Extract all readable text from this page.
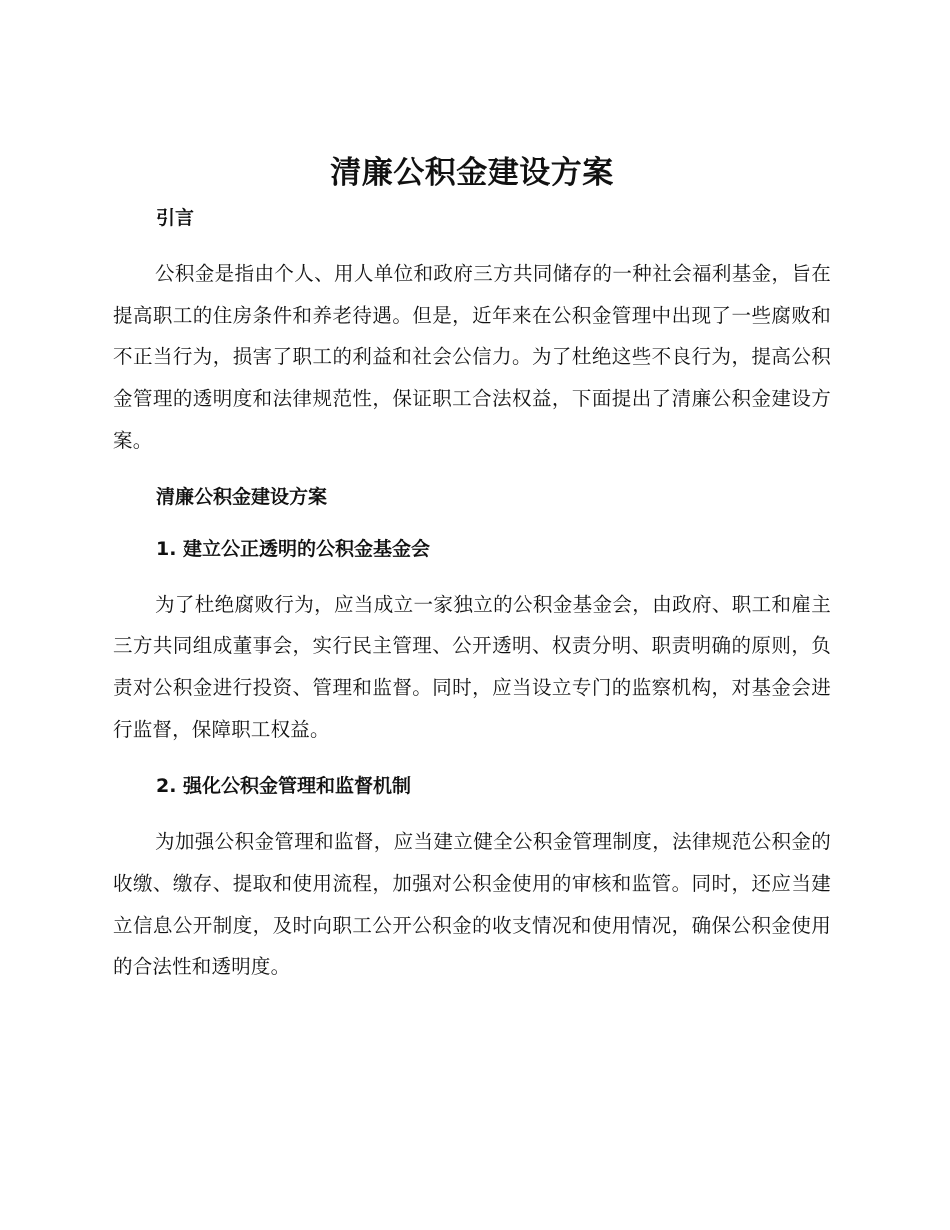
清廉公积金建设方案
引言

公积金是指由个人、用人单位和政府三方共同储存的一种社会福利基金，旨在提高职工的住房条件和养老待遇。但是，近年来在公积金管理中出现了一些腐败和不正当行为，损害了职工的利益和社会公信力。为了杜绝这些不良行为，提高公积金管理的透明度和法律规范性，保证职工合法权益，下面提出了清廉公积金建设方案。

清廉公积金建设方案
1. 建立公正透明的公积金基金会

为了杜绝腐败行为，应当成立一家独立的公积金基金会，由政府、职工和雇主三方共同组成董事会，实行民主管理、公开透明、权责分明、职责明确的原则，负责对公积金进行投资、管理和监督。同时，应当设立专门的监察机构，对基金会进行监督，保障职工权益。

2. 强化公积金管理和监督机制

为加强公积金管理和监督，应当建立健全公积金管理制度，法律规范公积金的收缴、缴存、提取和使用流程，加强对公积金使用的审核和监管。同时，还应当建立信息公开制度，及时向职工公开公积金的收支情况和使用情况，确保公积金使用的合法性和透明度。
